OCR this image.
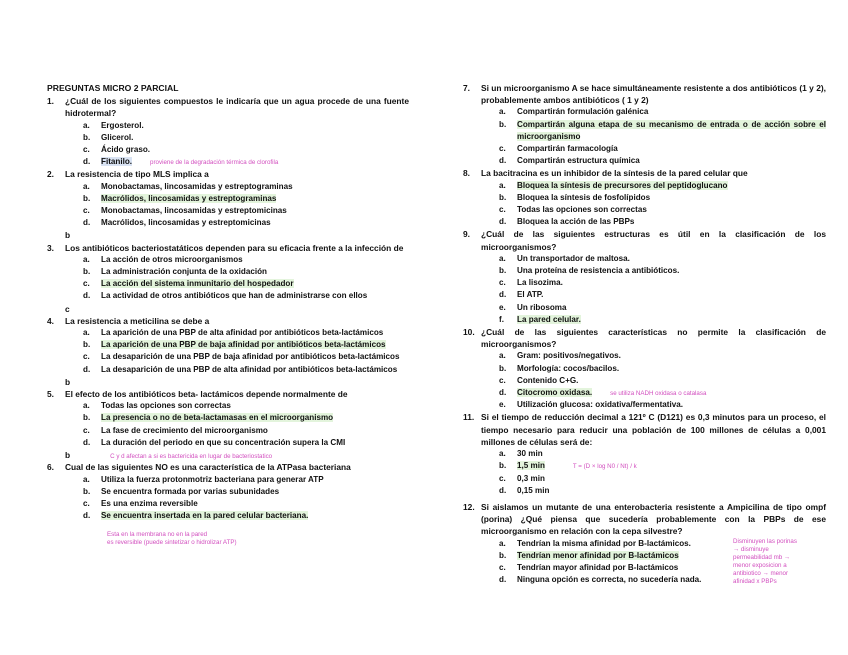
PREGUNTAS MICRO 2 PARCIAL
1. ¿Cuál de los siguientes compuestos le indicaría que un agua procede de una fuente hidrotermal?
a. Ergosterol.
b. Glicerol.
c. Ácido graso.
d. Fitanilo.	proviene de la degradación térmica de clorofila
2. La resistencia de tipo MLS implica a
a. Monobactamas, lincosamidas y estreptograminas
b. Macrólidos, lincosamidas y estreptograminas
c. Monobactamas, lincosamidas y estreptomicinas
d. Macrólidos, lincosamidas y estreptomicinas
b
3. Los antibióticos bacteriostatáticos dependen para su eficacia frente a la infección de
a. La acción de otros microorganismos
b. La administración conjunta de la oxidación
c. La acción del sistema inmunitario del hospedador
d. La actividad de otros antibióticos que han de administrarse con ellos
c
4. La resistencia a meticilina se debe a
a. La aparición de una PBP de alta afinidad por antibióticos beta-lactámicos
b. La aparición de una PBP de baja afinidad por antibióticos beta-lactámicos
c. La desaparición de una PBP de baja afinidad por antibióticos beta-lactámicos
d. La desaparición de una PBP de alta afinidad por antibióticos beta-lactámicos
b
5. El efecto de los antibióticos beta- lactámicos depende normalmente de
a. Todas las opciones son correctas
b. La presencia o no de beta-lactamasas en el microorganismo
c. La fase de crecimiento del microorganismo
d. La duración del periodo en que su concentración supera la CMI
b	C y d afectan a si es bactericida en lugar de bacteriostatico
6. Cual de las siguientes NO es una característica de la ATPasa bacteriana
a. Utiliza la fuerza protonmotriz bacteriana para generar ATP
b. Se encuentra formada por varias subunidades
c. Es una enzima reversible
d. Se encuentra insertada en la pared celular bacteriana.
Esta en la membrana no en la pared
es reversible (puede sintetizar o hidrolizar ATP)
7. Si un microorganismo A se hace simultáneamente resistente a dos antibióticos (1 y 2), probablemente ambos antibióticos ( 1 y 2)
a. Compartirán formulación galénica
b. Compartirán alguna etapa de su mecanismo de entrada o de acción sobre el microorganismo
c. Compartirán farmacología
d. Compartirán estructura química
8. La bacitracina es un inhibidor de la síntesis de la pared celular que
a. Bloquea la síntesis de precursores del peptidoglucano
b. Bloquea la síntesis de fosfolípidos
c. Todas las opciones son correctas
d. Bloquea la acción de las PBPs
9. ¿Cuál de las siguientes estructuras es útil en la clasificación de los microorganismos?
a. Un transportador de maltosa.
b. Una proteína de resistencia a antibióticos.
c. La lisozima.
d. El ATP.
e. Un ribosoma
f. La pared celular.
10. ¿Cuál de las siguientes características no permite la clasificación de microorganismos?
a. Gram: positivos/negativos.
b. Morfología: cocos/bacilos.
c. Contenido C+G.
d. Citocromo oxidasa.	se utiliza NADH oxidasa o catalasa
e. Utilización glucosa: oxidativa/fermentativa.
11. Si el tiempo de reducción decimal a 121º C (D121) es 0,3 minutos para un proceso, el tiempo necesario para reducir una población de 100 millones de células a 0,001 millones de células será de:
a. 30 min
b. 1,5 min	T = (D × log N0 / Nt) / k
c. 0,3 min
d. 0,15 min
12. Si aislamos un mutante de una enterobacteria resistente a Ampicilina de tipo ompf (porina) ¿Qué piensa que sucedería probablemente con la PBPs de ese microorganismo en relación con la cepa silvestre?
a. Tendrían la misma afinidad por B-lactámicos.
b. Tendrían menor afinidad por B-lactámicos
c. Tendrían mayor afinidad por B-lactámicos
d. Ninguna opción es correcta, no sucedería nada.
Disminuyen las porinas
→ disminuye
permeabilidad mb →
menor exposicion a
antibiotico → menor
afinidad x PBPs
